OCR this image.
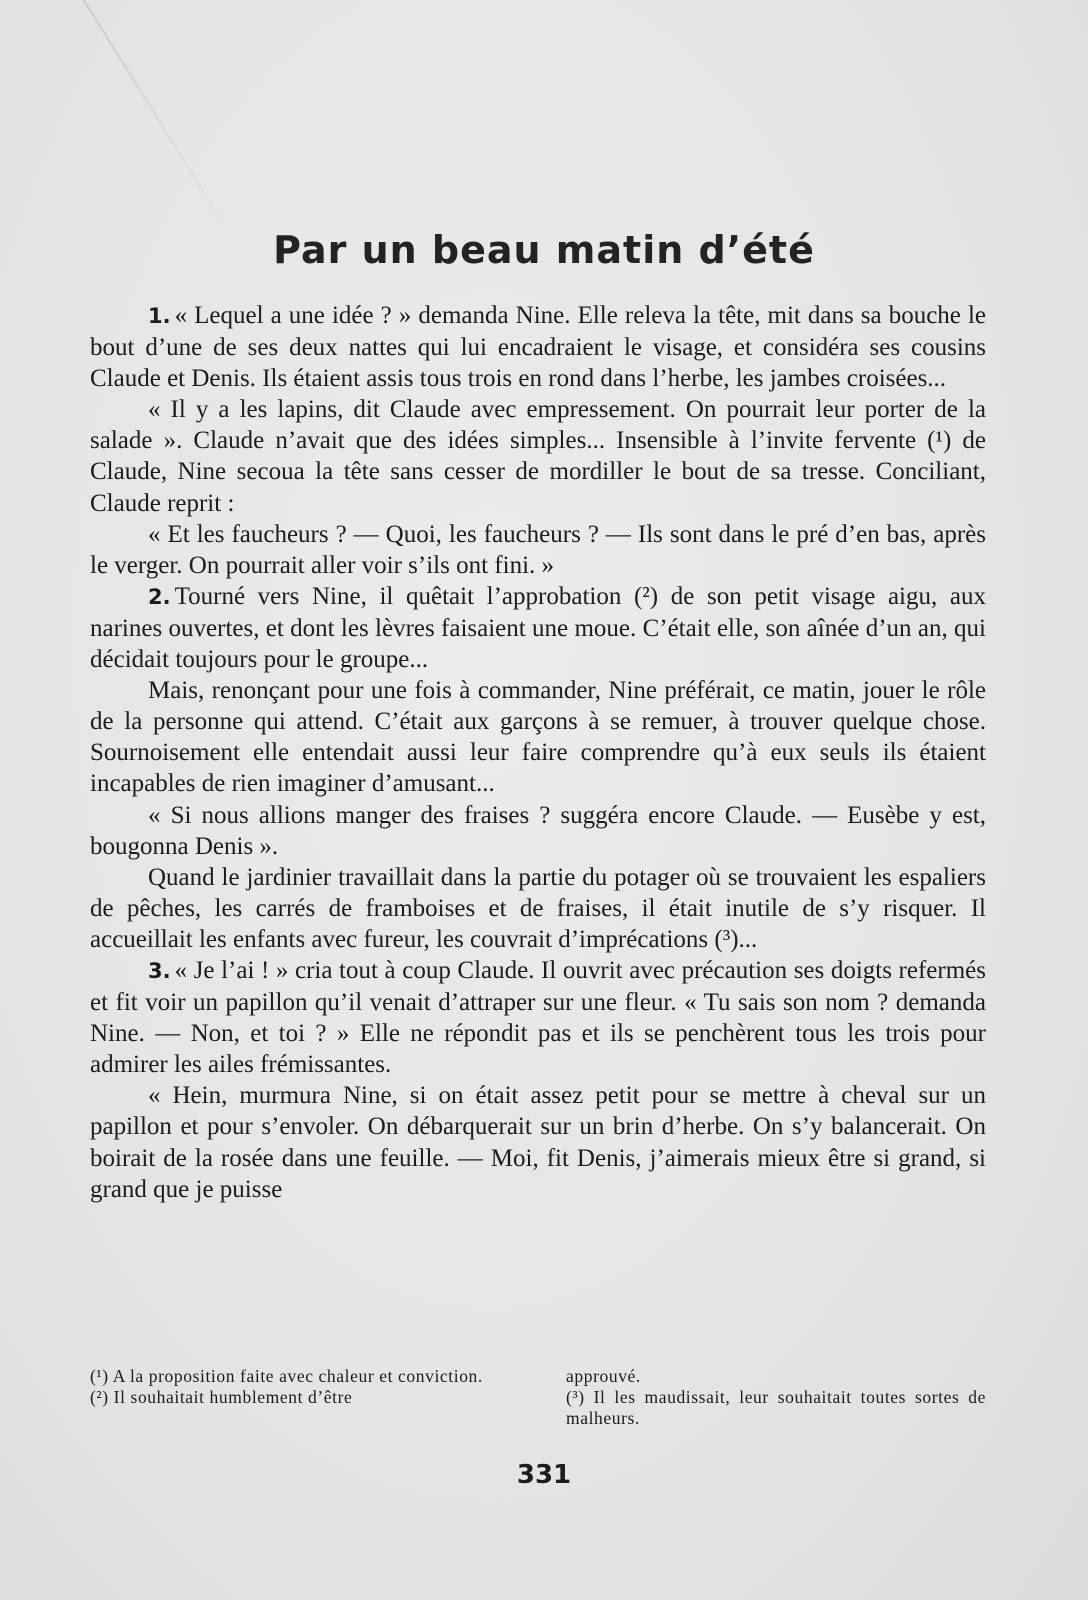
Par un beau matin d’été

1. « Lequel a une idée ? » demanda Nine. Elle releva la tête, mit dans sa bouche le bout d’une de ses deux nattes qui lui encadraient le visage, et considéra ses cousins Claude et Denis. Ils étaient assis tous trois en rond dans l’herbe, les jambes croisées...

« Il y a les lapins, dit Claude avec empressement. On pourrait leur porter de la salade ». Claude n’avait que des idées simples... Insensible à l’invite fervente (¹) de Claude, Nine secoua la tête sans cesser de mordiller le bout de sa tresse. Conciliant, Claude reprit :

« Et les faucheurs ? — Quoi, les faucheurs ? — Ils sont dans le pré d’en bas, après le verger. On pourrait aller voir s’ils ont fini. »

2. Tourné vers Nine, il quêtait l’approbation (²) de son petit visage aigu, aux narines ouvertes, et dont les lèvres faisaient une moue. C’était elle, son aînée d’un an, qui décidait toujours pour le groupe...

Mais, renonçant pour une fois à commander, Nine préférait, ce matin, jouer le rôle de la personne qui attend. C’était aux garçons à se remuer, à trouver quelque chose. Sournoisement elle entendait aussi leur faire comprendre qu’à eux seuls ils étaient incapables de rien imaginer d’amusant...

« Si nous allions manger des fraises ? suggéra encore Claude. — Eusèbe y est, bougonna Denis ».

Quand le jardinier travaillait dans la partie du potager où se trouvaient les espaliers de pêches, les carrés de framboises et de fraises, il était inutile de s’y risquer. Il accueillait les enfants avec fureur, les couvrait d’imprécations (³)...

3. « Je l’ai ! » cria tout à coup Claude. Il ouvrit avec précaution ses doigts refermés et fit voir un papillon qu’il venait d’attraper sur une fleur. « Tu sais son nom ? demanda Nine. — Non, et toi ? » Elle ne répondit pas et ils se penchèrent tous les trois pour admirer les ailes frémissantes.

« Hein, murmura Nine, si on était assez petit pour se mettre à cheval sur un papillon et pour s’envoler. On débarquerait sur un brin d’herbe. On s’y balancerait. On boirait de la rosée dans une feuille. — Moi, fit Denis, j’aimerais mieux être si grand, si grand que je puisse

(¹) A la proposition faite avec chaleur et conviction.

(²) Il souhaitait humblement d’être

approuvé.

(³) Il les maudissait, leur souhaitait toutes sortes de malheurs.

331
